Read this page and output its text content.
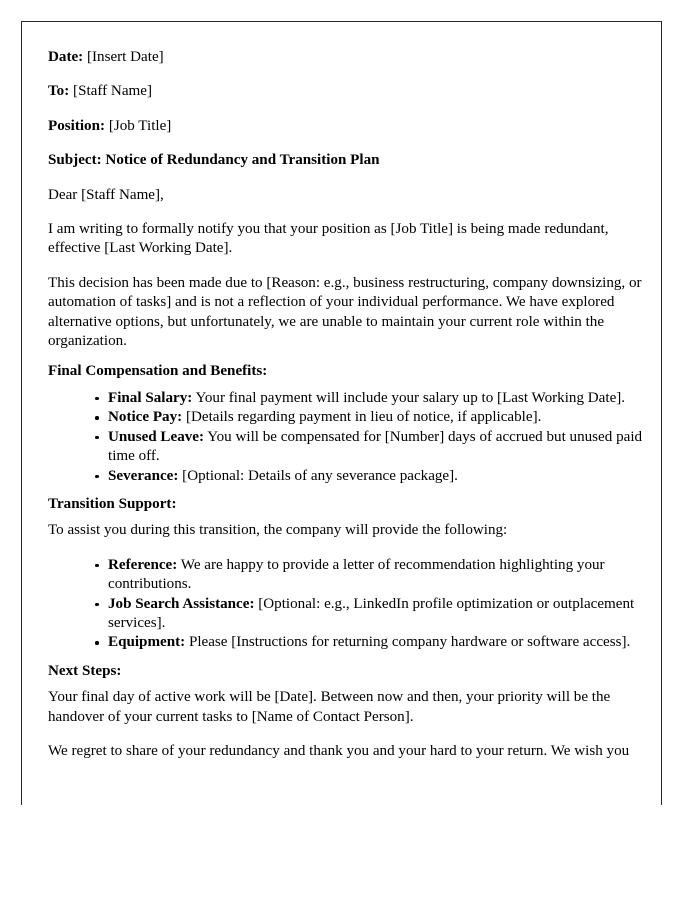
Date: [Insert Date]

To: [Staff Name]

Position: [Job Title]

Subject: Notice of Redundancy and Transition Plan

Dear [Staff Name],

I am writing to formally notify you that your position as [Job Title] is being made redundant, effective [Last Working Date].

This decision has been made due to [Reason: e.g., business restructuring, company downsizing, or automation of tasks] and is not a reflection of your individual performance. We have explored alternative options, but unfortunately, we are unable to maintain your current role within the organization.

Final Compensation and Benefits:

Final Salary: Your final payment will include your salary up to [Last Working Date].
Notice Pay: [Details regarding payment in lieu of notice, if applicable].
Unused Leave: You will be compensated for [Number] days of accrued but unused paid time off.
Severance: [Optional: Details of any severance package].

Transition Support:

To assist you during this transition, the company will provide the following:

Reference: We are happy to provide a letter of recommendation highlighting your contributions.
Job Search Assistance: [Optional: e.g., LinkedIn profile optimization or outplacement services].
Equipment: Please [Instructions for returning company hardware or software access].

Next Steps:

Your final day of active work will be [Date]. Between now and then, your priority will be the handover of your current tasks to [Name of Contact Person].

We regret to share of your redundancy and thank you and your hard to your return. We wish you
